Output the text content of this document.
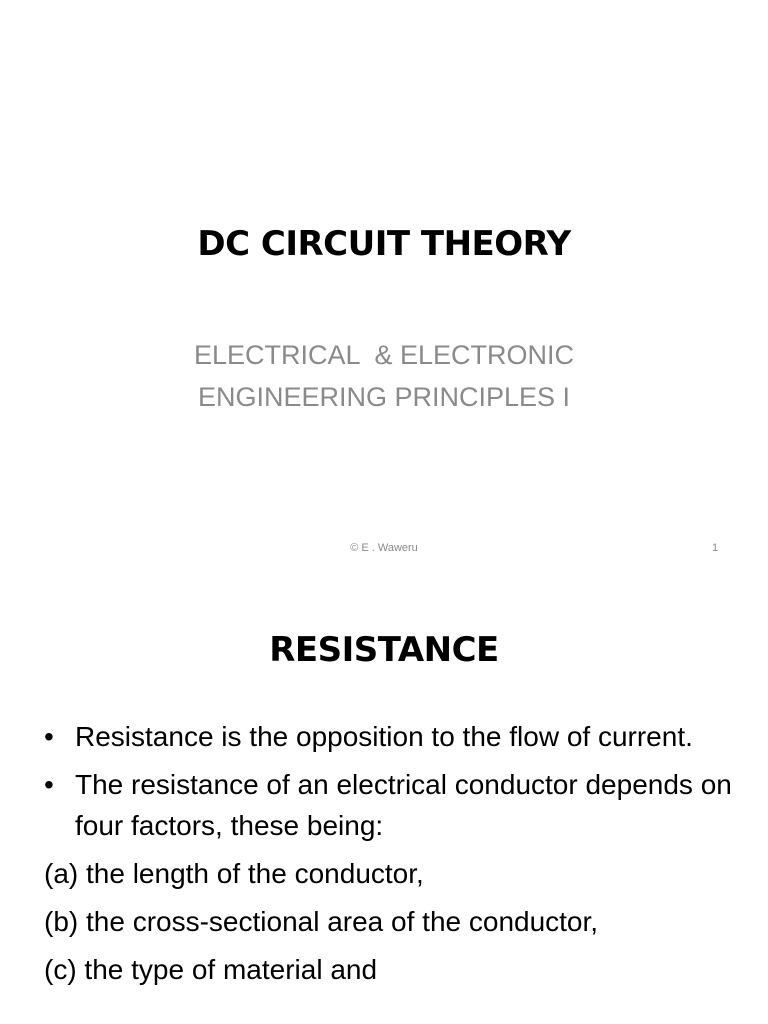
DC CIRCUIT THEORY
ELECTRICAL  & ELECTRONIC
ENGINEERING PRINCIPLES I
© E . Waweru	1
RESISTANCE
• Resistance is the opposition to the flow of current.
• The resistance of an electrical conductor depends on four factors, these being:
(a) the length of the conductor,
(b) the cross-sectional area of the conductor,
(c) the type of material and
